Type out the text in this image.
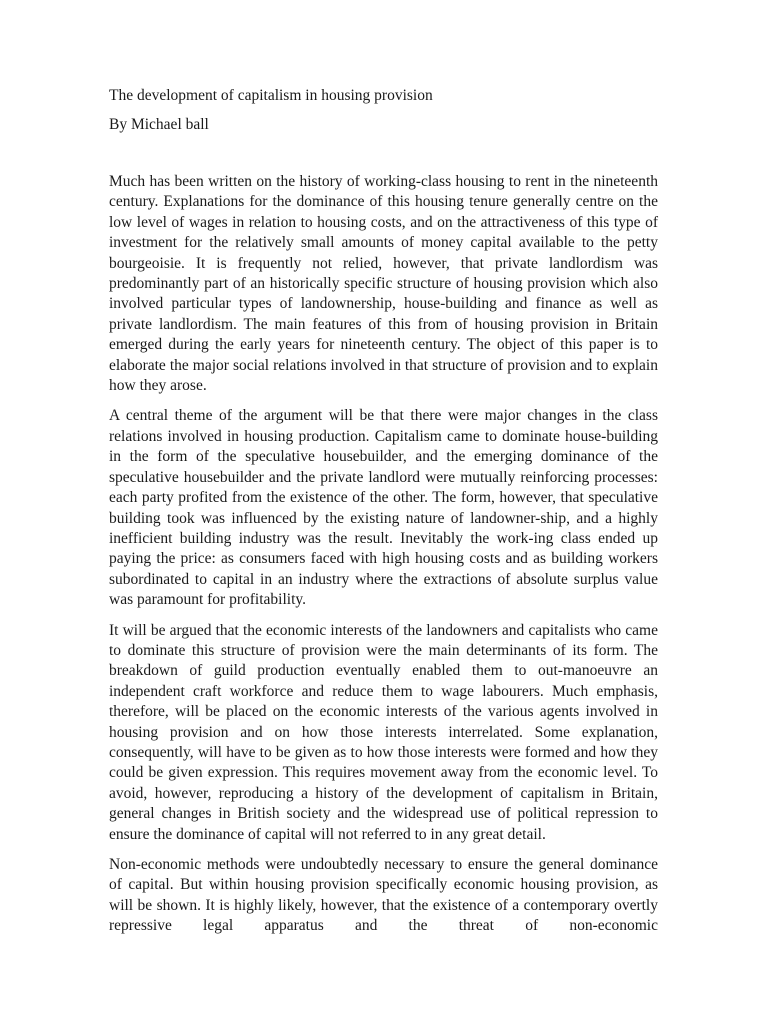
The development of capitalism in housing provision

By Michael ball

Much has been written on the history of working-class housing to rent in the nineteenth century. Explanations for the dominance of this housing tenure generally centre on the low level of wages in relation to housing costs, and on the attractiveness of this type of investment for the relatively small amounts of money capital available to the petty bourgeoisie. It is frequently not relied, however, that private landlordism was predominantly part of an historically specific structure of housing provision which also involved particular types of landownership, house-building and finance as well as private landlordism. The main features of this from of housing provision in Britain emerged during the early years for nineteenth century. The object of this paper is to elaborate the major social relations involved in that structure of provision and to explain how they arose.

A central theme of the argument will be that there were major changes in the class relations involved in housing production. Capitalism came to dominate house-building in the form of the speculative housebuilder, and the emerging dominance of the speculative housebuilder and the private landlord were mutually reinforcing processes: each party profited from the existence of the other. The form, however, that speculative building took was influenced by the existing nature of landowner-ship, and a highly inefficient building industry was the result. Inevitably the work-ing class ended up paying the price: as consumers faced with high housing costs and as building workers subordinated to capital in an industry where the extractions of absolute surplus value was paramount for profitability.

It will be argued that the economic interests of the landowners and capitalists who came to dominate this structure of provision were the main determinants of its form. The breakdown of guild production eventually enabled them to out-manoeuvre an independent craft workforce and reduce them to wage labourers. Much emphasis, therefore, will be placed on the economic interests of the various agents involved in housing provision and on how those interests interrelated. Some explanation, consequently, will have to be given as to how those interests were formed and how they could be given expression. This requires movement away from the economic level. To avoid, however, reproducing a history of the development of capitalism in Britain, general changes in British society and the widespread use of political repression to ensure the dominance of capital will not referred to in any great detail.

Non-economic methods were undoubtedly necessary to ensure the general dominance of capital. But within housing provision specifically economic housing provision, as will be shown. It is highly likely, however, that the existence of a contemporary overtly repressive legal apparatus and the threat of non-economic
